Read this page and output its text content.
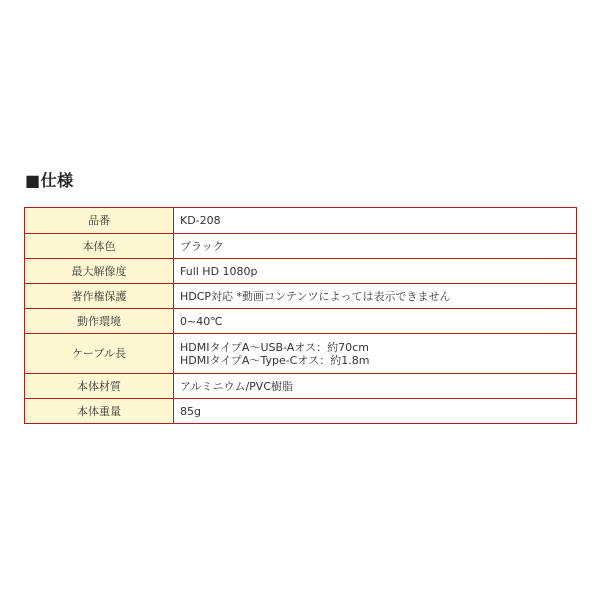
■仕様
品番	KD-208

本体色	ブラック

最大解像度	Full HD 1080p

著作権保護	HDCP対応 *動画コンテンツによっては表示できません

動作環境	0~40℃

ケーブル長	HDMIタイプA～USB-Aオス：約70cm
HDMIタイプA～Type-Cオス：約1.8m

本体材質	アルミニウム/PVC樹脂

本体重量	85g
